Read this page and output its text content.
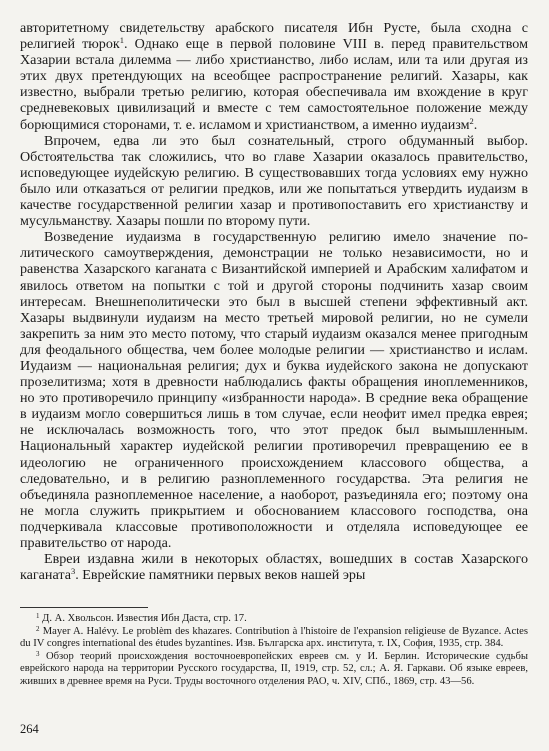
авторитетному свидетельству арабского писателя Ибн Русте, была сходна с религией тюрок$^1$. Однако еще в первой половине VIII в. перед правительством Хазарии встала дилемма — либо христианство, либо ислам, или та или другая из этих двух претендующих на всеобщее распространение религий. Хазары, как известно, выбрали третью религию, которая обеспечивала им вхождение в круг средневековых цивилизаций и вместе с тем самостоятельное положение между борющимися сторонами, т. е. исламом и христианством, а именно иудаизм$^2$.

Впрочем, едва ли это был сознательный, строго обдуманный выбор. Обстоятельства так сложились, что во главе Хазарии оказалось правительство, исповедующее иудейскую религию. В существовавших тогда условиях ему нужно было или отказаться от религии предков, или же попытаться утвердить иудаизм в качестве государственной религии хазар и противопоставить его христианству и мусульманству. Хазары пошли по второму пути.

Возведение иудаизма в государственную религию имело значение политического самоутверждения, демонстрации не только независимости, но и равенства Хазарского каганата с Византийской империей и Арабским халифатом и явилось ответом на попытки с той и другой стороны подчинить хазар своим интересам. Внешнеполитически это был в высшей степени эффективный акт. Хазары выдвинули иудаизм на место третьей мировой религии, но не сумели закрепить за ним это место потому, что старый иудаизм оказался менее пригодным для феодального общества, чем более молодые религии — христианство и ислам. Иудаизм — национальная религия; дух и буква иудейского закона не допускают прозелитизма; хотя в древности наблюдались факты обращения иноплеменников, но это противоречило принципу «избранности народа». В средние века обращение в иудаизм могло совершиться лишь в том случае, если неофит имел предка еврея; не исключалась возможность того, что этот предок был вымышленным. Национальный характер иудейской религии противоречил превращению ее в идеологию не ограниченного происхождением классового общества, а следовательно, и в религию разноплеменного государства. Эта религия не объединяла разноплеменное население, а наоборот, разъединяла его; поэтому она не могла служить прикрытием и обоснованием классового господства, она подчеркивала классовые противоположности и отделяла исповедующее ее правительство от народа.

Евреи издавна жили в некоторых областях, вошедших в состав Хазарского каганата$^3$. Еврейские памятники первых веков нашей эры

$^1$ Д. А. Хвольсон. Известия Ибн Даста, стр. 17.

$^2$ Mayer A. Halévy. Le problèm des khazares. Contribution à l'histoire de l'expansion religieuse de Byzance. Actes du IV congres international des études byzantines. Изв. Българска арх. института, т. IX, София, 1935, стр. 384.

$^3$ Обзор теорий происхождения восточноевропейских евреев см. у И. Берлин. Исторические судьбы еврейского народа на территории Русского государства, II, 1919, стр. 52, сл.; А. Я. Гаркави. Об языке евреев, живших в древнее время на Руси. Труды восточного отделения РАО, ч. XIV, СПб., 1869, стр. 43—56.

264
